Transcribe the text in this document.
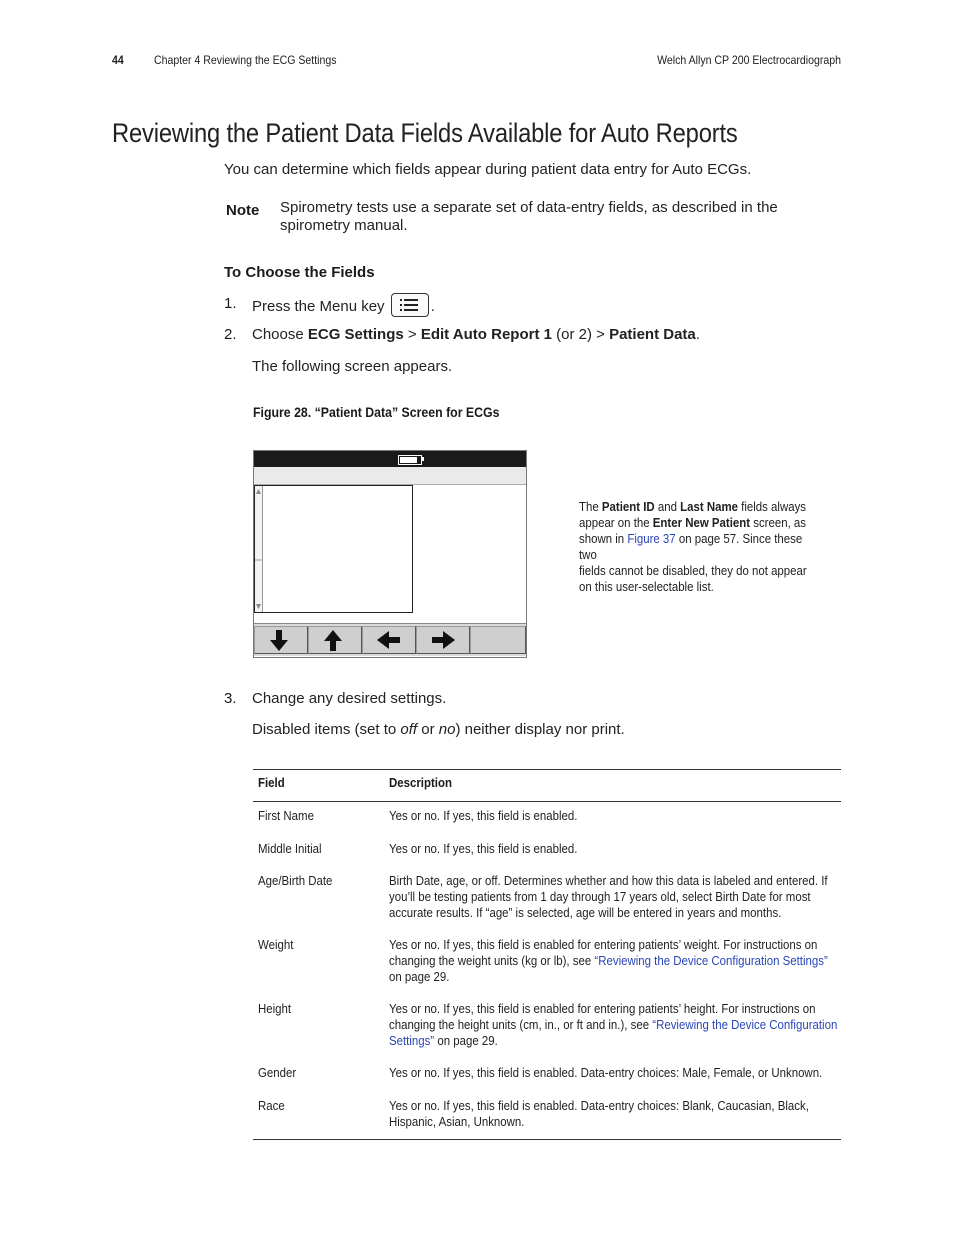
44	Chapter 4 Reviewing the ECG Settings	Welch Allyn CP 200 Electrocardiograph
Reviewing the Patient Data Fields Available for Auto Reports
You can determine which fields appear during patient data entry for Auto ECGs.
Note Spirometry tests use a separate set of data-entry fields, as described in the
spirometry manual.
To Choose the Fields
1. Press the Menu key	.
2. Choose ECG Settings > Edit Auto Report 1 (or 2) > Patient Data.
The following screen appears.
Figure 28. “Patient Data” Screen for ECGs
The Patient ID and Last Name fields always
appear on the Enter New Patient screen, as
shown in Figure 37 on page 57. Since these two
fields cannot be disabled, they do not appear
on this user-selectable list.
3. Change any desired settings.
Disabled items (set to off or no) neither display nor print.
Field	Description
First Name	Yes or no. If yes, this field is enabled.
Middle Initial	Yes or no. If yes, this field is enabled.
Age/Birth Date	Birth Date, age, or off. Determines whether and how this data is labeled and entered. If
you’ll be testing patients from 1 day through 17 years old, select Birth Date for most
accurate results. If “age” is selected, age will be entered in years and months.
Weight	Yes or no. If yes, this field is enabled for entering patients’ weight. For instructions on
changing the weight units (kg or lb), see “Reviewing the Device Configuration Settings”
on page 29.
Height	Yes or no. If yes, this field is enabled for entering patients’ height. For instructions on
changing the height units (cm, in., or ft and in.), see “Reviewing the Device Configuration
Settings” on page 29.
Gender	Yes or no. If yes, this field is enabled. Data-entry choices: Male, Female, or Unknown.
Race	Yes or no. If yes, this field is enabled. Data-entry choices: Blank, Caucasian, Black,
Hispanic, Asian, Unknown.
